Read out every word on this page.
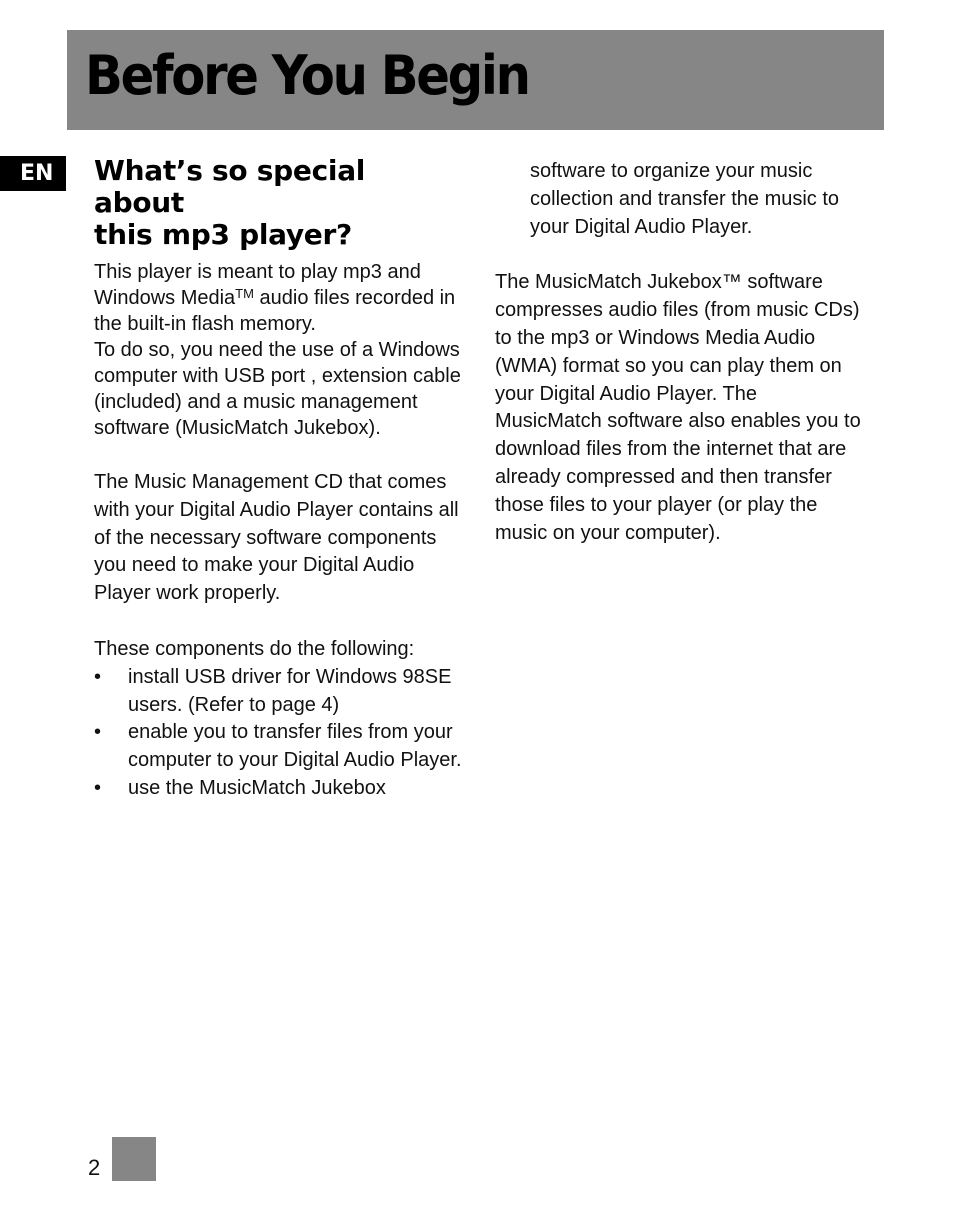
Before You Begin
EN	What’s so special about
this mp3 player?

This player is meant to play mp3 and Windows Media™ audio files recorded in the built-in flash memory.

To do so, you need the use of a Windows computer with USB port , extension cable (included) and a music management software (MusicMatch Jukebox).

The Music Management CD that comes with your Digital Audio Player contains all of the necessary software components you need to make your Digital Audio Player work properly.

These components do the following:

• install USB driver for Windows 98SE users. (Refer to page 4)
• enable you to transfer files from your computer to your Digital Audio Player.
• use the MusicMatch Jukebox

software to organize your music collection and transfer the music to your Digital Audio Player.

The MusicMatch Jukebox™ software compresses audio files (from music CDs) to the mp3 or Windows Media Audio (WMA) format so you can play them on your Digital Audio Player. The MusicMatch software also enables you to download files from the internet that are already compressed and then transfer those files to your player (or play the music on your computer).

2
